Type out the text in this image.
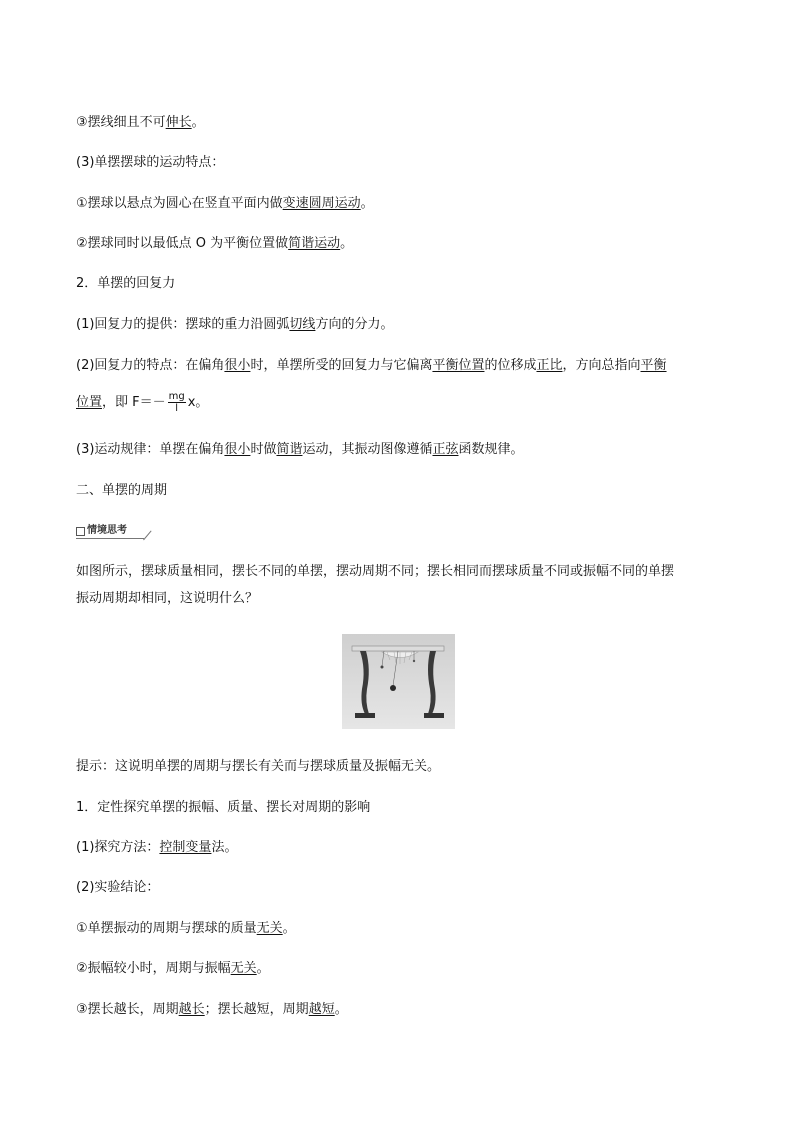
③摆线细且不可伸长。
(3)单摆摆球的运动特点：
①摆球以悬点为圆心在竖直平面内做变速圆周运动。
②摆球同时以最低点 O 为平衡位置做简谐运动。
2．单摆的回复力
(1)回复力的提供：摆球的重力沿圆弧切线方向的分力。
(2)回复力的特点：在偏角很小时，单摆所受的回复力与它偏离平衡位置的位移成正比，方向总指向平衡
位置，即 $F=- \frac{mg}{l}$ x。
(3)运动规律：单摆在偏角很小时做简谐运动，其振动图像遵循正弦函数规律。
二、单摆的周期
情境思考
如图所示，摆球质量相同，摆长不同的单摆，摆动周期不同；摆长相同而摆球质量不同或振幅不同的单摆
振动周期却相同，这说明什么？
提示：这说明单摆的周期与摆长有关而与摆球质量及振幅无关。
1．定性探究单摆的振幅、质量、摆长对周期的影响
(1)探究方法：控制变量法。
(2)实验结论：
①单摆振动的周期与摆球的质量无关。
②振幅较小时，周期与振幅无关。
③摆长越长，周期越长；摆长越短，周期越短。
